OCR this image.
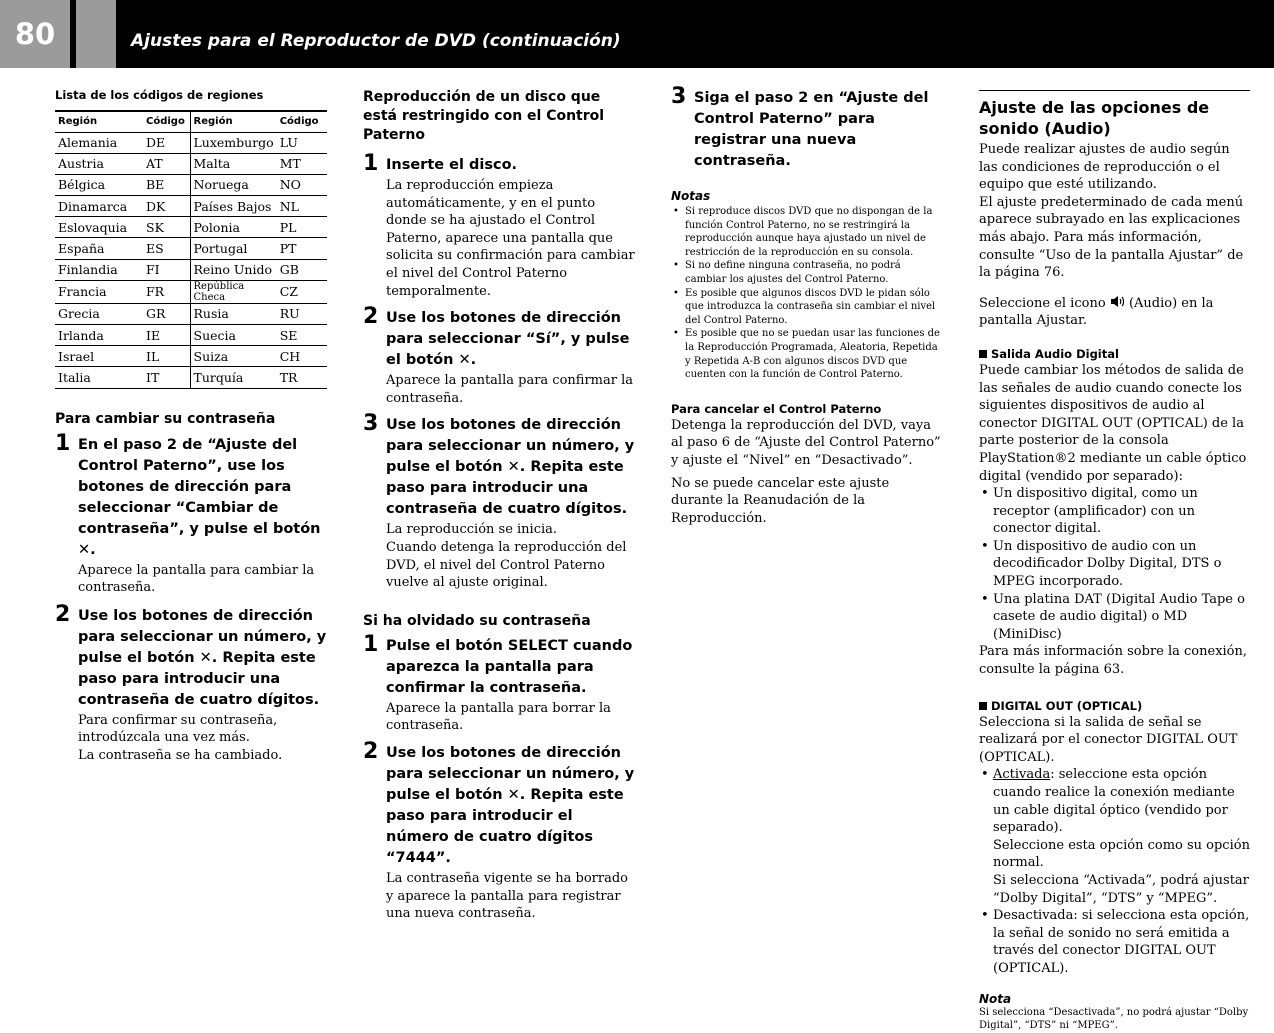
80	Ajustes para el Reproductor de DVD (continuación)
Lista de los códigos de regiones
Región	Código	Región	Código
Alemania	DE	Luxemburgo	LU
Austria	AT	Malta	MT
Bélgica	BE	Noruega	NO
Dinamarca	DK	Países Bajos	NL
Eslovaquia	SK	Polonia	PL
España	ES	Portugal	PT
Finlandia	FI	Reino Unido	GB
Francia	FR	República Checa	CZ
Grecia	GR	Rusia	RU
Irlanda	IE	Suecia	SE
Israel	IL	Suiza	CH
Italia	IT	Turquía	TR
Para cambiar su contraseña
1 En el paso 2 de “Ajuste del Control Paterno”, use los botones de dirección para seleccionar “Cambiar de contraseña”, y pulse el botón ✕.
Aparece la pantalla para cambiar la contraseña.
2 Use los botones de dirección para seleccionar un número, y pulse el botón ✕. Repita este paso para introducir una contraseña de cuatro dígitos.
Para confirmar su contraseña, introdúzcala una vez más.
La contraseña se ha cambiado.
Reproducción de un disco que está restringido con el Control Paterno
1 Inserte el disco.
La reproducción empieza automáticamente, y en el punto donde se ha ajustado el Control Paterno, aparece una pantalla que solicita su confirmación para cambiar el nivel del Control Paterno temporalmente.
2 Use los botones de dirección para seleccionar “Sí”, y pulse el botón ✕.
Aparece la pantalla para confirmar la contraseña.
3 Use los botones de dirección para seleccionar un número, y pulse el botón ✕. Repita este paso para introducir una contraseña de cuatro dígitos.
La reproducción se inicia.
Cuando detenga la reproducción del DVD, el nivel del Control Paterno vuelve al ajuste original.
Si ha olvidado su contraseña
1 Pulse el botón SELECT cuando aparezca la pantalla para confirmar la contraseña.
Aparece la pantalla para borrar la contraseña.
2 Use los botones de dirección para seleccionar un número, y pulse el botón ✕. Repita este paso para introducir el número de cuatro dígitos “7444”.
La contraseña vigente se ha borrado y aparece la pantalla para registrar una nueva contraseña.
3 Siga el paso 2 en “Ajuste del Control Paterno” para registrar una nueva contraseña.
Notas
• Si reproduce discos DVD que no dispongan de la función Control Paterno, no se restringirá la reproducción aunque haya ajustado un nivel de restricción de la reproducción en su consola.
• Si no define ninguna contraseña, no podrá cambiar los ajustes del Control Paterno.
• Es posible que algunos discos DVD le pidan sólo que introduzca la contraseña sin cambiar el nivel del Control Paterno.
• Es posible que no se puedan usar las funciones de la Reproducción Programada, Aleatoria, Repetida y Repetida A-B con algunos discos DVD que cuenten con la función de Control Paterno.
Para cancelar el Control Paterno
Detenga la reproducción del DVD, vaya al paso 6 de “Ajuste del Control Paterno” y ajuste el “Nivel” en “Desactivado”.
No se puede cancelar este ajuste durante la Reanudación de la Reproducción.
Ajuste de las opciones de sonido (Audio)
Puede realizar ajustes de audio según las condiciones de reproducción o el equipo que esté utilizando.
El ajuste predeterminado de cada menú aparece subrayado en las explicaciones más abajo. Para más información, consulte “Uso de la pantalla Ajustar” de la página 76.
Seleccione el icono (Audio) en la pantalla Ajustar.
Salida Audio Digital
Puede cambiar los métodos de salida de las señales de audio cuando conecte los siguientes dispositivos de audio al conector DIGITAL OUT (OPTICAL) de la parte posterior de la consola PlayStation®2 mediante un cable óptico digital (vendido por separado):
• Un dispositivo digital, como un receptor (amplificador) con un conector digital.
• Un dispositivo de audio con un decodificador Dolby Digital, DTS o MPEG incorporado.
• Una platina DAT (Digital Audio Tape o casete de audio digital) o MD (MiniDisc)
Para más información sobre la conexión, consulte la página 63.
DIGITAL OUT (OPTICAL)
Selecciona si la salida de señal se realizará por el conector DIGITAL OUT (OPTICAL).
• Activada: seleccione esta opción cuando realice la conexión mediante un cable digital óptico (vendido por separado).
Seleccione esta opción como su opción normal.
Si selecciona “Activada”, podrá ajustar “Dolby Digital”, “DTS” y “MPEG”.
• Desactivada: si selecciona esta opción, la señal de sonido no será emitida a través del conector DIGITAL OUT (OPTICAL).
Nota
Si selecciona “Desactivada”, no podrá ajustar “Dolby Digital”, “DTS” ni “MPEG”.
